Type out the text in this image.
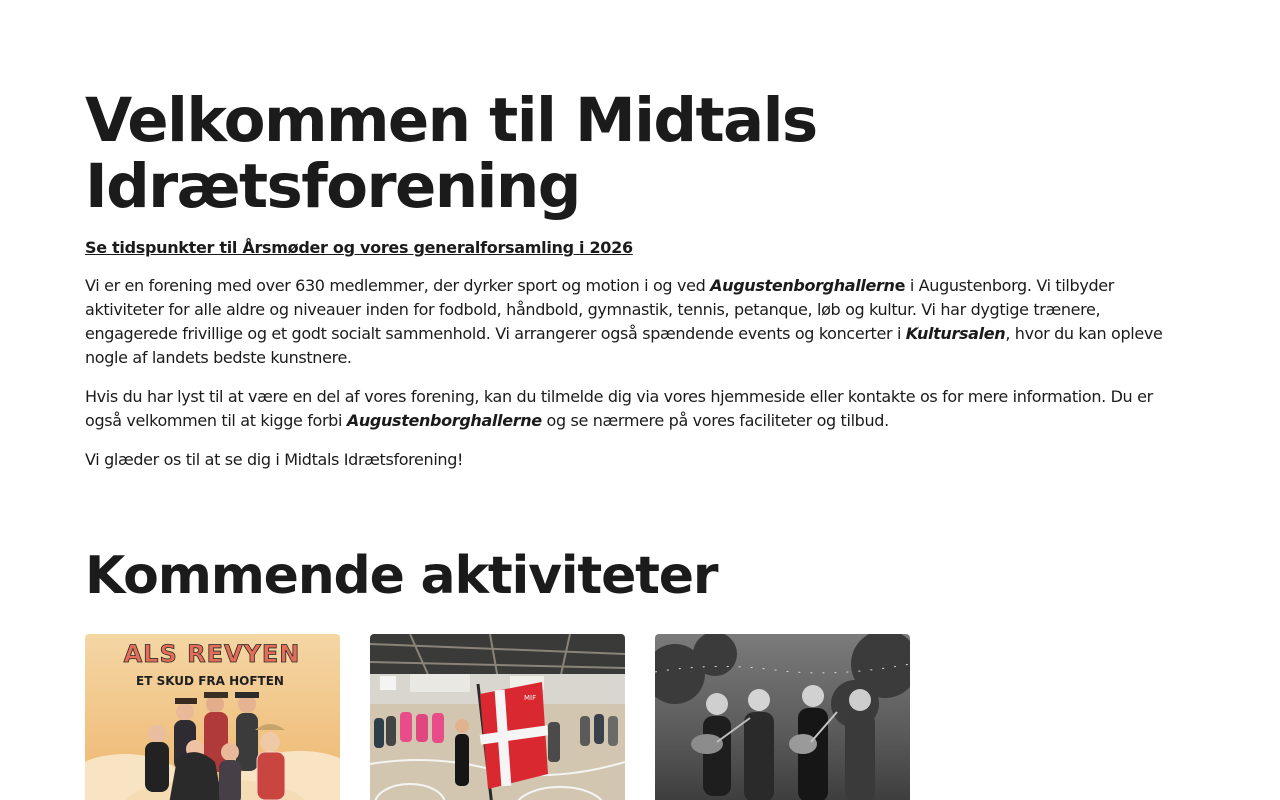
Velkommen til Midtals
Idrætsforening
Se tidspunkter til Årsmøder og vores generalforsamling i 2026

Vi er en forening med over 630 medlemmer, der dyrker sport og motion i og ved Augustenborghallerne i Augustenborg. Vi tilbyder aktiviteter for alle aldre og niveauer inden for fodbold, håndbold, gymnastik, tennis, petanque, løb og kultur. Vi har dygtige trænere, engagerede frivillige og et godt socialt sammenhold. Vi arrangerer også spændende events og koncerter i Kultursalen, hvor du kan opleve nogle af landets bedste kunstnere.

Hvis du har lyst til at være en del af vores forening, kan du tilmelde dig via vores hjemmeside eller kontakte os for mere information. Du er også velkommen til at kigge forbi Augustenborghallerne og se nærmere på vores faciliteter og tilbud.

Vi glæder os til at se dig i Midtals Idrætsforening!

Kommende aktiviteter
ALS REVYEN
ET SKUD FRA HOFTEN
MIF
